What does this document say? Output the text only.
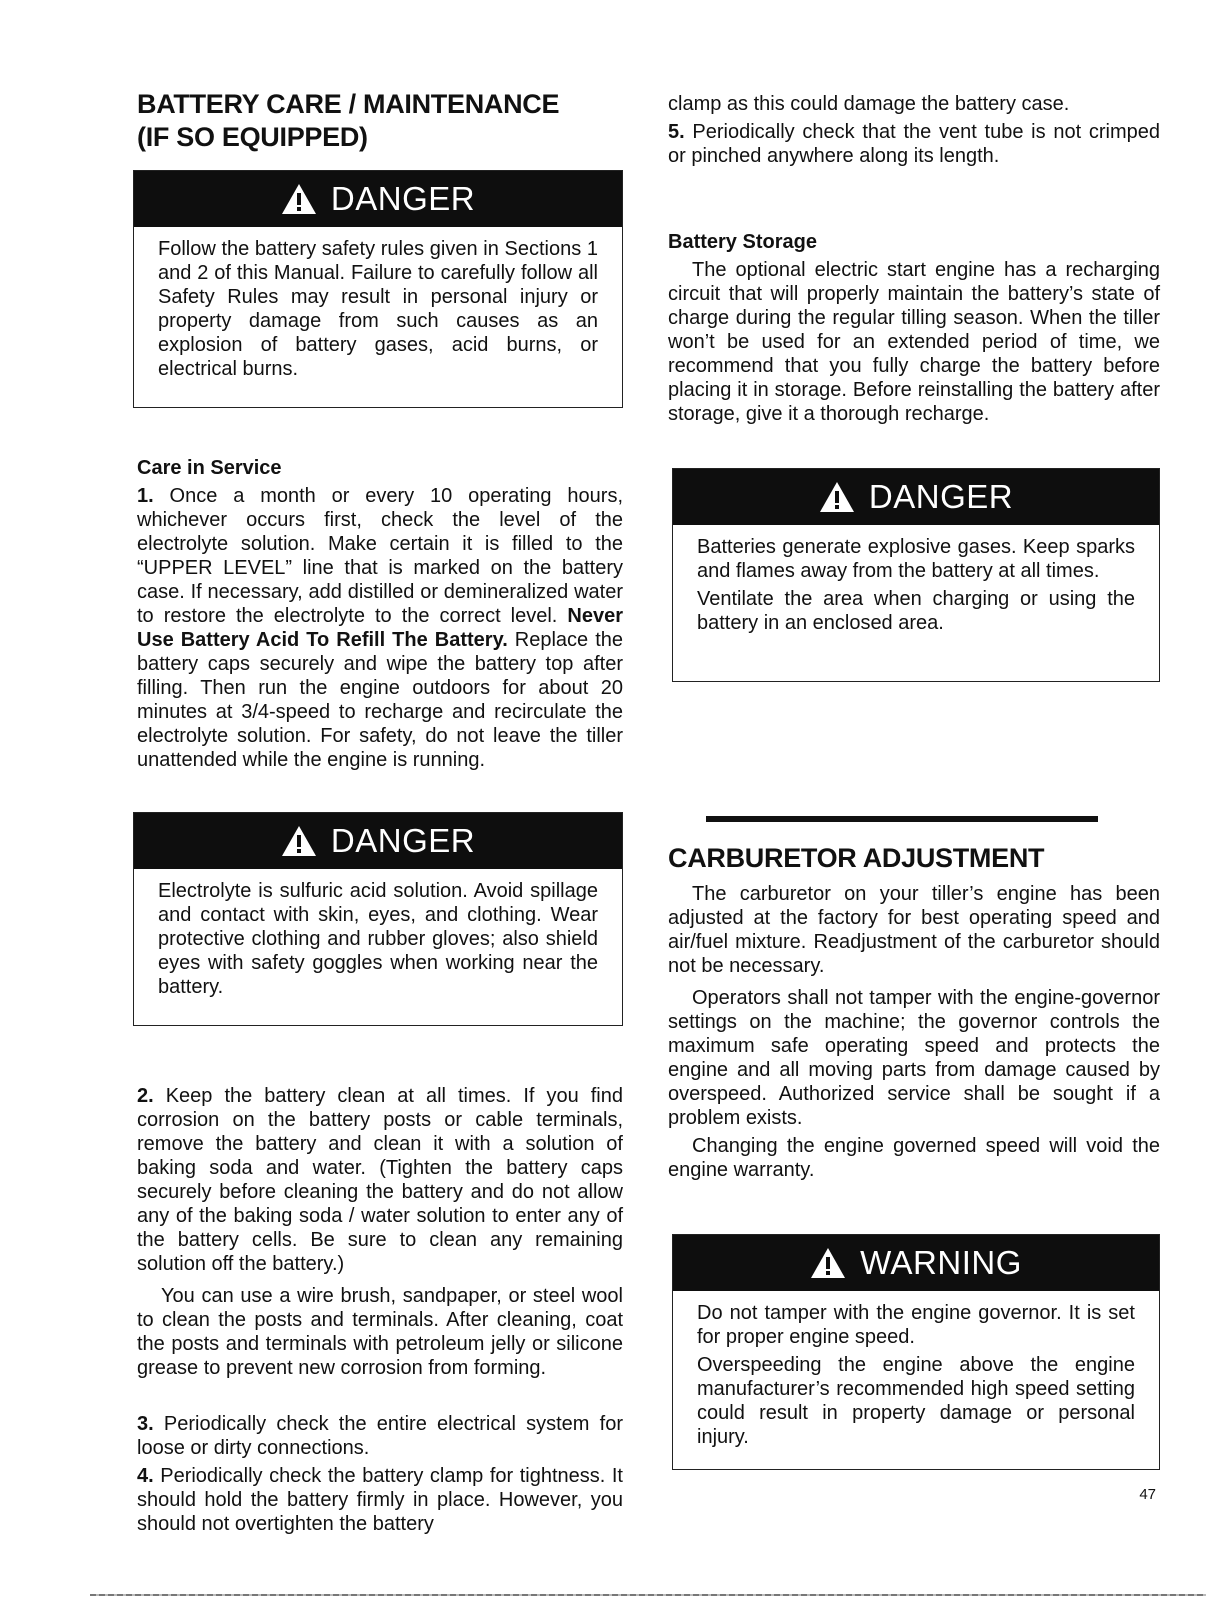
BATTERY CARE / MAINTENANCE
(IF SO EQUIPPED)
DANGER

Follow the battery safety rules given in Sections 1 and 2 of this Manual. Failure to carefully follow all Safety Rules may result in personal injury or property damage from such causes as an explosion of battery gases, acid burns, or electrical burns.

Care in Service

1. Once a month or every 10 operating hours, whichever occurs first, check the level of the electrolyte solution. Make certain it is filled to the “UPPER LEVEL” line that is marked on the battery case. If necessary, add distilled or demineralized water to restore the electrolyte to the correct level. Never Use Battery Acid To Refill The Battery. Replace the battery caps securely and wipe the battery top after filling. Then run the engine outdoors for about 20 minutes at 3/4-speed to recharge and recirculate the electrolyte solution. For safety, do not leave the tiller unattended while the engine is running.

DANGER

Electrolyte is sulfuric acid solution. Avoid spillage and contact with skin, eyes, and clothing. Wear protective clothing and rubber gloves; also shield eyes with safety goggles when working near the battery.

2. Keep the battery clean at all times. If you find corrosion on the battery posts or cable terminals, remove the battery and clean it with a solution of baking soda and water. (Tighten the battery caps securely before cleaning the battery and do not allow any of the baking soda / water solution to enter any of the battery cells. Be sure to clean any remaining solution off the battery.)

You can use a wire brush, sandpaper, or steel wool to clean the posts and terminals. After cleaning, coat the posts and terminals with petroleum jelly or silicone grease to prevent new corrosion from forming.

3. Periodically check the entire electrical system for loose or dirty connections.

4. Periodically check the battery clamp for tightness. It should hold the battery firmly in place. However, you should not overtighten the battery

clamp as this could damage the battery case.

5. Periodically check that the vent tube is not crimped or pinched anywhere along its length.

Battery Storage

The optional electric start engine has a recharging circuit that will properly maintain the battery’s state of charge during the regular tilling season. When the tiller won’t be used for an extended period of time, we recommend that you fully charge the battery before placing it in storage. Before reinstalling the battery after storage, give it a thorough recharge.

DANGER

Batteries generate explosive gases. Keep sparks and flames away from the battery at all times.

Ventilate the area when charging or using the battery in an enclosed area.

CARBURETOR ADJUSTMENT

The carburetor on your tiller’s engine has been adjusted at the factory for best operating speed and air/fuel mixture. Readjustment of the carburetor should not be necessary.

Operators shall not tamper with the engine-governor settings on the machine; the governor controls the maximum safe operating speed and protects the engine and all moving parts from damage caused by overspeed. Authorized service shall be sought if a problem exists.

Changing the engine governed speed will void the engine warranty.

WARNING

Do not tamper with the engine governor. It is set for proper engine speed.

Overspeeding the engine above the engine manufacturer’s recommended high speed setting could result in property damage or personal injury.

47
